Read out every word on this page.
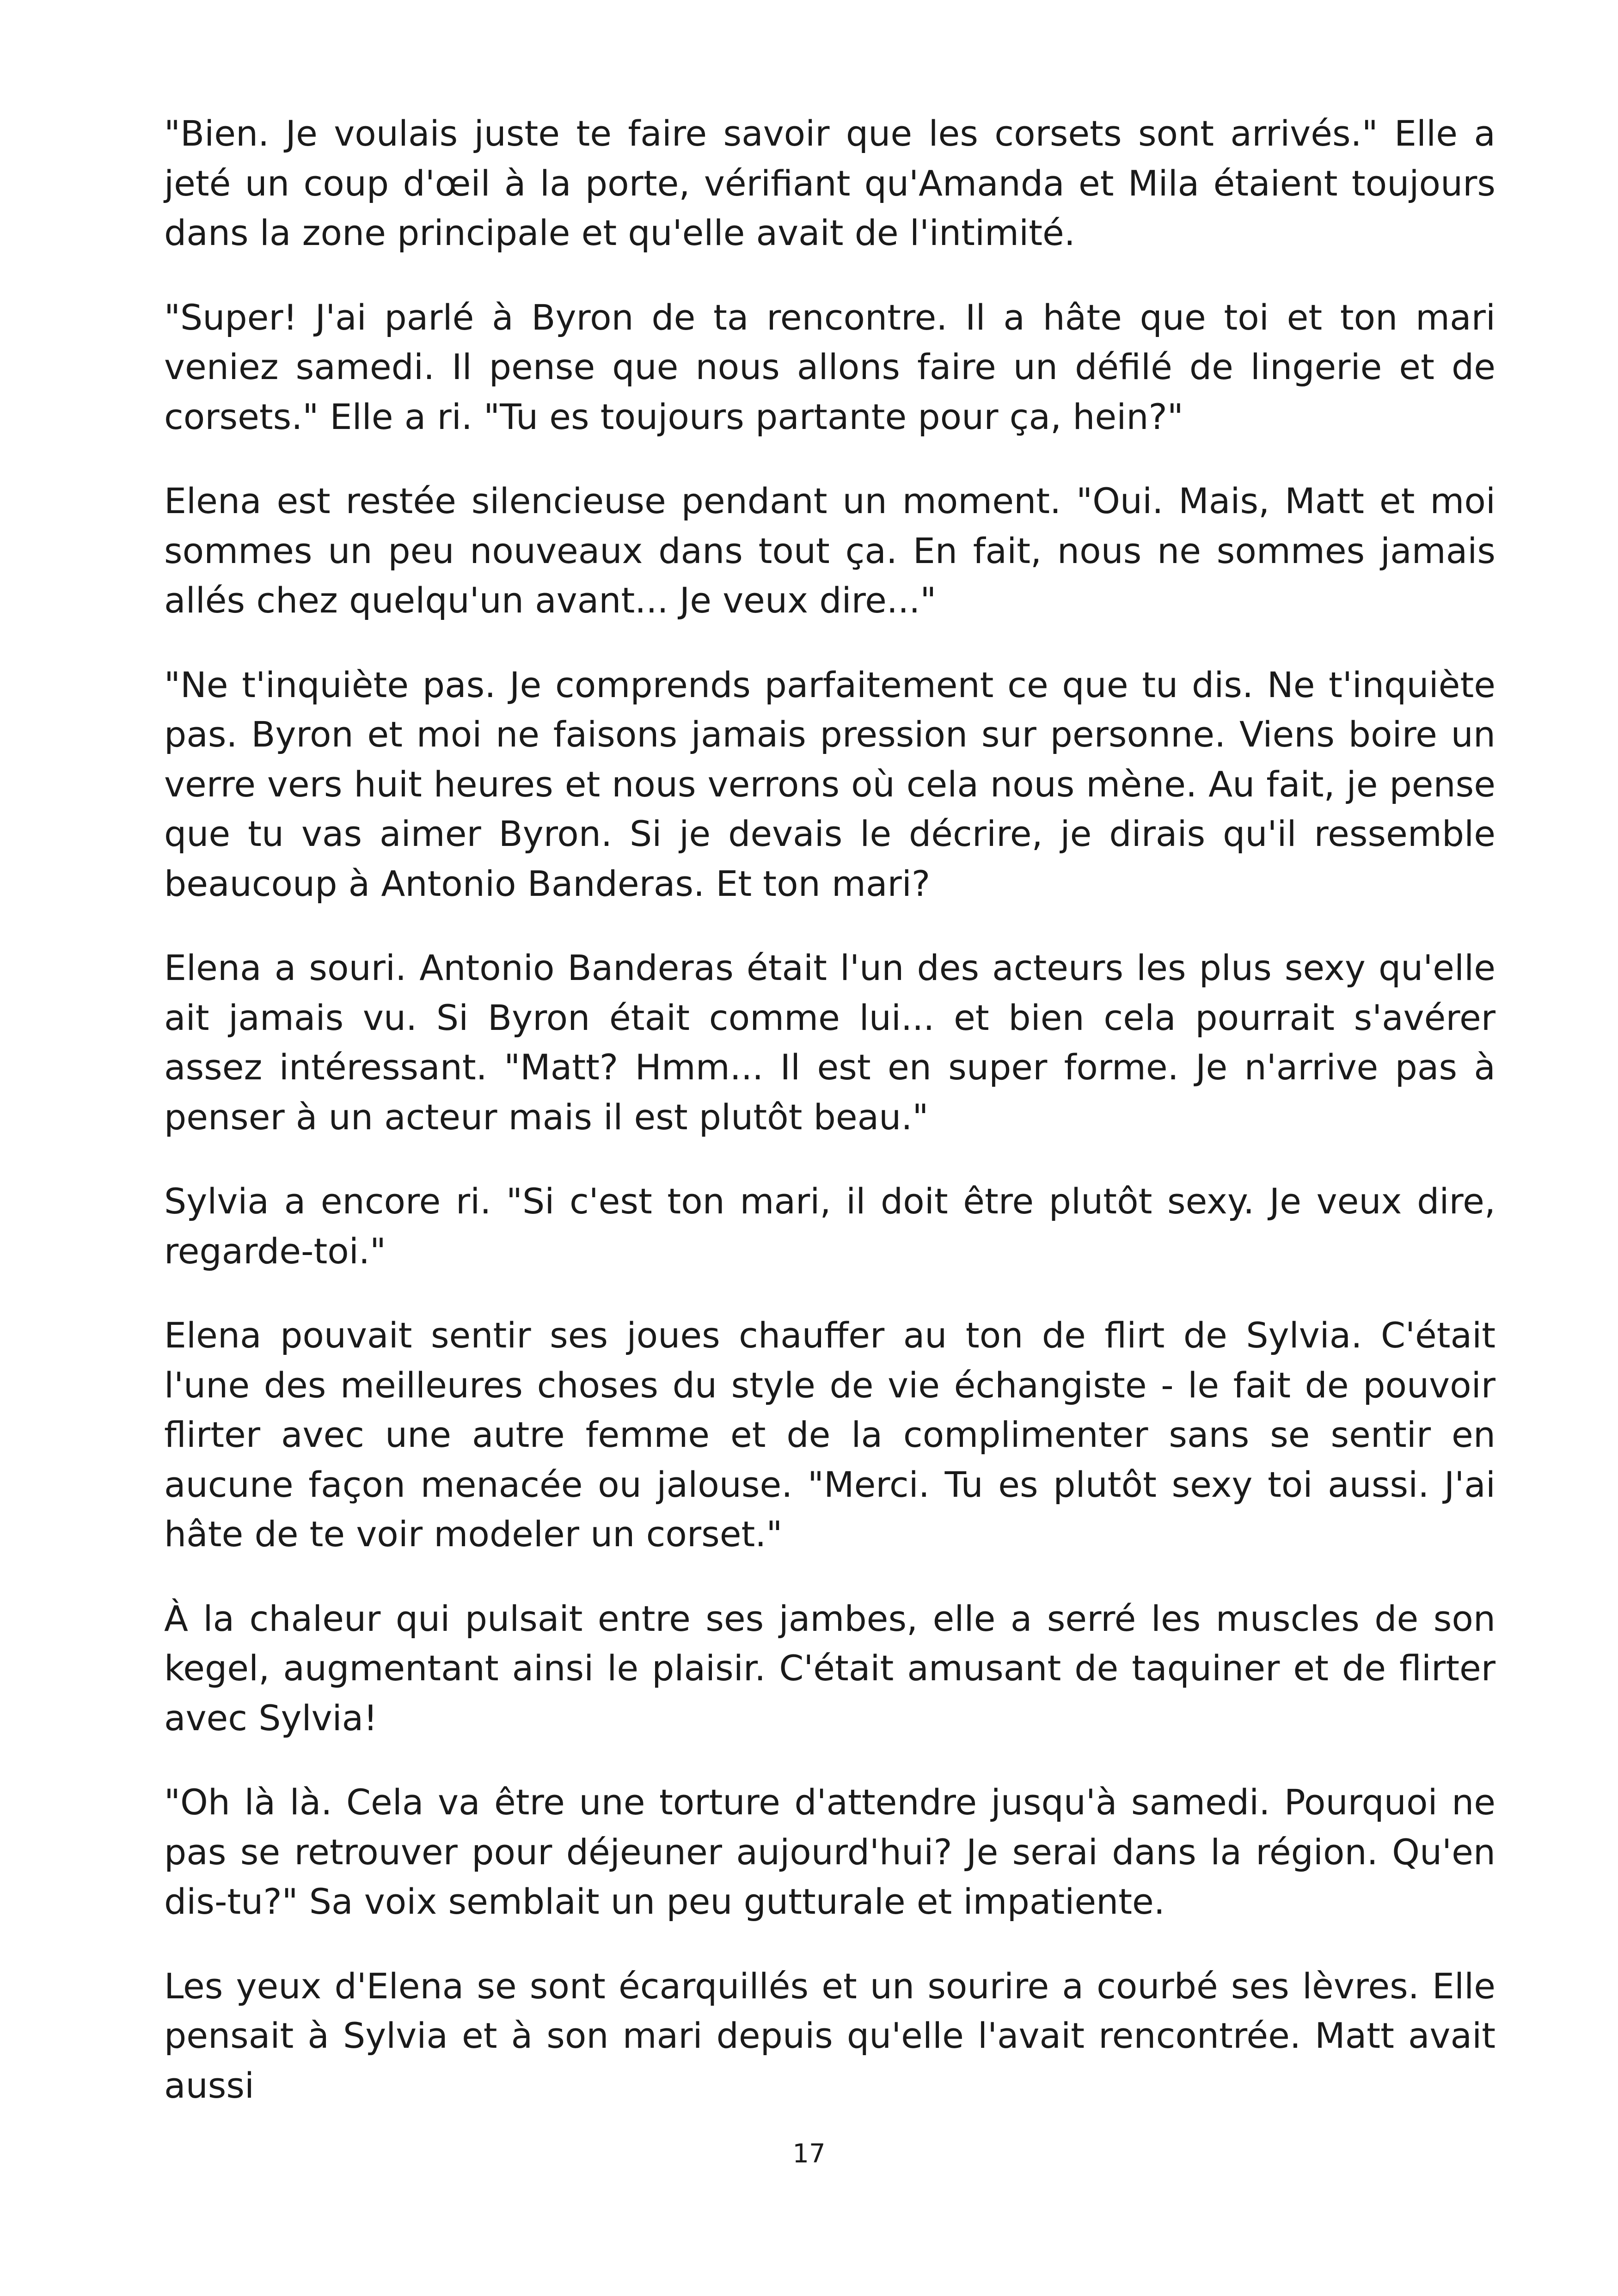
"Bien. Je voulais juste te faire savoir que les corsets sont arrivés." Elle a jeté un coup d'œil à la porte, vérifiant qu'Amanda et Mila étaient toujours dans la zone principale et qu'elle avait de l'intimité.

"Super! J'ai parlé à Byron de ta rencontre. Il a hâte que toi et ton mari veniez samedi. Il pense que nous allons faire un défilé de lingerie et de corsets." Elle a ri. "Tu es toujours partante pour ça, hein?"

Elena est restée silencieuse pendant un moment. "Oui. Mais, Matt et moi sommes un peu nouveaux dans tout ça. En fait, nous ne sommes jamais allés chez quelqu'un avant... Je veux dire..."

"Ne t'inquiète pas. Je comprends parfaitement ce que tu dis. Ne t'inquiète pas. Byron et moi ne faisons jamais pression sur personne. Viens boire un verre vers huit heures et nous verrons où cela nous mène. Au fait, je pense que tu vas aimer Byron. Si je devais le décrire, je dirais qu'il ressemble beaucoup à Antonio Banderas. Et ton mari?

Elena a souri. Antonio Banderas était l'un des acteurs les plus sexy qu'elle ait jamais vu. Si Byron était comme lui... et bien cela pourrait s'avérer assez intéressant. "Matt? Hmm... Il est en super forme. Je n'arrive pas à penser à un acteur mais il est plutôt beau."

Sylvia a encore ri. "Si c'est ton mari, il doit être plutôt sexy. Je veux dire, regarde-toi."

Elena pouvait sentir ses joues chauffer au ton de flirt de Sylvia. C'était l'une des meilleures choses du style de vie échangiste - le fait de pouvoir flirter avec une autre femme et de la complimenter sans se sentir en aucune façon menacée ou jalouse. "Merci. Tu es plutôt sexy toi aussi. J'ai hâte de te voir modeler un corset."

À la chaleur qui pulsait entre ses jambes, elle a serré les muscles de son kegel, augmentant ainsi le plaisir. C'était amusant de taquiner et de flirter avec Sylvia!

"Oh là là. Cela va être une torture d'attendre jusqu'à samedi. Pourquoi ne pas se retrouver pour déjeuner aujourd'hui? Je serai dans la région. Qu'en dis-tu?" Sa voix semblait un peu gutturale et impatiente.

Les yeux d'Elena se sont écarquillés et un sourire a courbé ses lèvres. Elle pensait à Sylvia et à son mari depuis qu'elle l'avait rencontrée. Matt avait aussi

17
